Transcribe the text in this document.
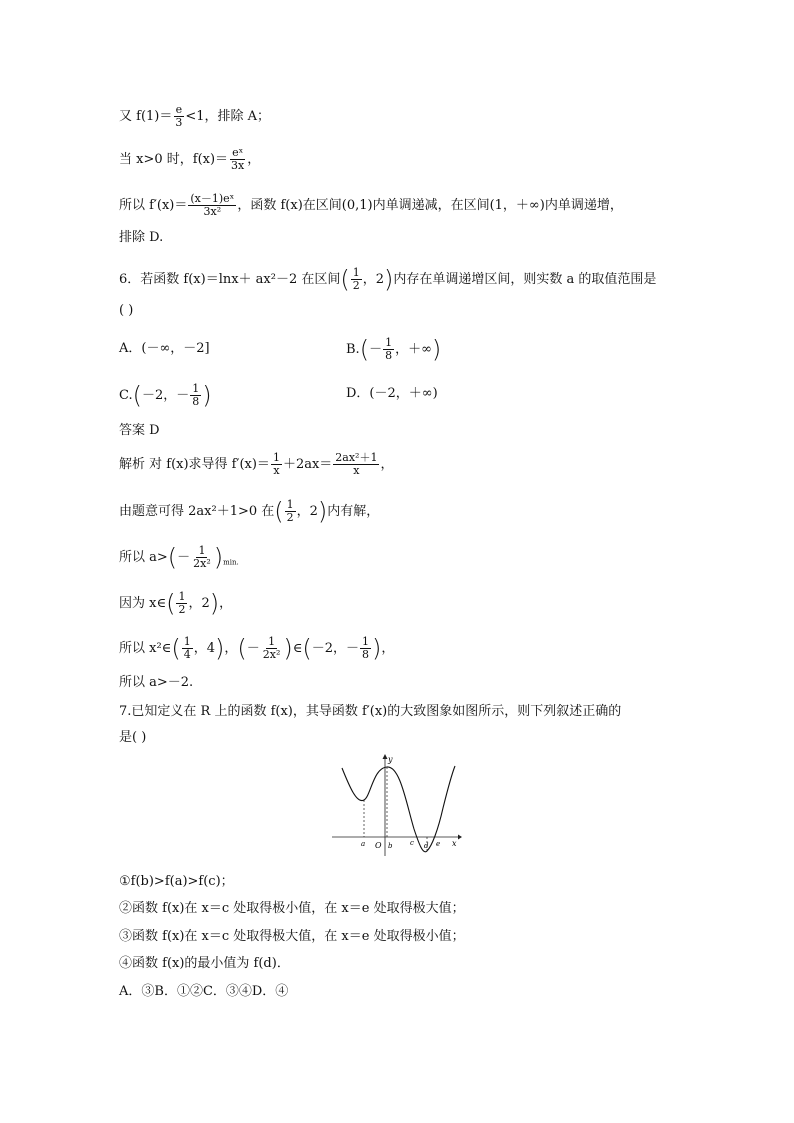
又 $f(1)= \frac{e}{3} <1$，排除 A；
当 x>0 时，$f(x)= \frac{\text{eˣ}}{3x}$ ，
所以 $f'(x)= \frac{\text{(x－1)eˣ}}{\text{3x²}}$ ，函数 f(x)在区间(0,1)内单调递减，在区间(1，＋∞)内单调递增，
排除 D.
6．若函数 f(x)＝lnx＋ ax²－2 在区间( $\frac{1}{2}$ ，2)内存在单调递增区间，则实数 a 的取值范围是
( )
A．(－∞，－2]	$B.(- \frac{1}{8}$ ，＋∞)
C.(－2，－ $\frac{1}{8}$ )	D．(－2，＋∞)
答案 D
解析 对 f(x)求导得 $f'(x)= \frac{1}{x} +2ax= \frac{\text{2ax²＋1}}{x}$ ，
由题意可得 2ax²＋1>0 在( $\frac{1}{2}$ ，2)内有解，
所以 $a>(- \frac{1}{\text{2x²}} )_{min.}$
因为 x∈( $\frac{1}{2}$ ，2)，
所以 x²∈( $\frac{1}{4}$ ，4)，(－ $\frac{1}{\text{2x²}}$ )∈(－2，－ $\frac{1}{8}$ )，
所以 a>－2.
7.已知定义在 R 上的函数 f(x)，其导函数 f′(x)的大致图象如图所示，则下列叙述正确的
是( )
y
x
a O b	c d e
①f(b)>f(a)>f(c)；
②函数 f(x)在 x＝c 处取得极小值，在 x＝e 处取得极大值；
③函数 f(x)在 x＝c 处取得极大值，在 x＝e 处取得极小值；
④函数 f(x)的最小值为 f(d)．
A．③B．①②C．③④D．④
